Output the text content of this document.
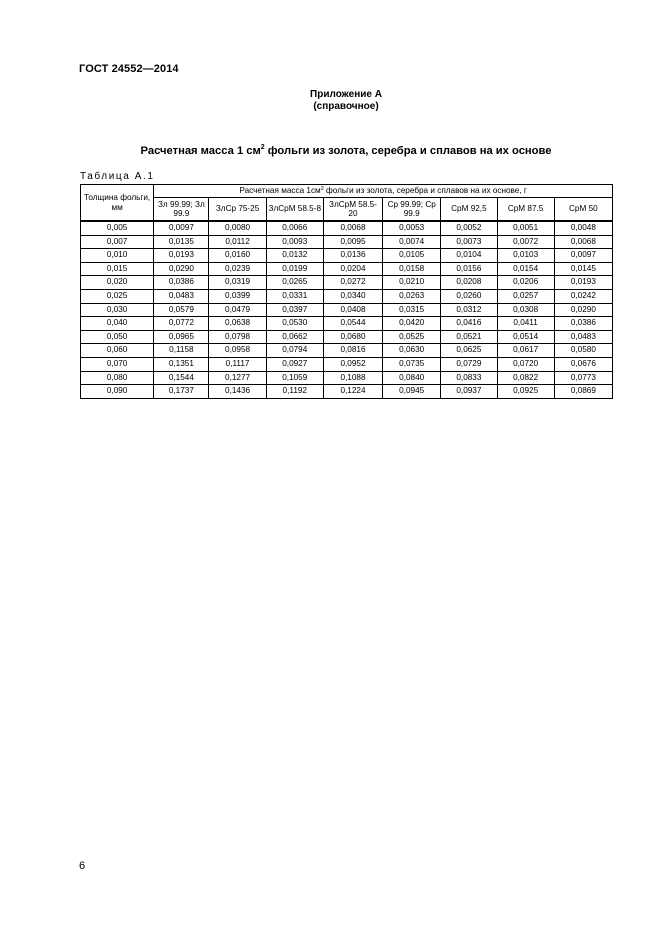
ГОСТ 24552—2014
Приложение А
(справочное)
Расчетная масса 1 $см^2$ фольги из золота, серебра и сплавов на их основе
Таблица А.1
Толщина фольги, мм	Расчетная масса $1см^2$ фольги из золота, серебра и сплавов на их основе, г							
	Зл 99.99; Зл 99.9	ЗлСр 75-25	ЗлСрМ 58.5-8	ЗлСрМ 58.5-20	Ср 99.99; Ср 99.9	СрМ 92,5	СрМ 87.5	СрМ 50
0,005	0,0097	0,0080	0,0066	0,0068	0,0053	0,0052	0,0051	0,0048
0,007	0,0135	0,0112	0,0093	0,0095	0,0074	0,0073	0,0072	0,0068
0,010	0,0193	0,0160	0,0132	0,0136	0,0105	0,0104	0,0103	0,0097
0,015	0,0290	0,0239	0,0199	0,0204	0,0158	0,0156	0,0154	0,0145
0,020	0,0386	0,0319	0,0265	0,0272	0,0210	0,0208	0,0206	0,0193
0,025	0,0483	0,0399	0,0331	0,0340	0,0263	0,0260	0,0257	0,0242
0,030	0,0579	0,0479	0,0397	0,0408	0,0315	0,0312	0,0308	0,0290
0,040	0,0772	0,0638	0,0530	0,0544	0,0420	0,0416	0,0411	0,0386
0,050	0,0965	0,0798	0,0662	0,0680	0,0525	0,0521	0,0514	0,0483
0,060	0,1158	0,0958	0,0794	0,0816	0,0630	0,0625	0,0617	0,0580
0,070	0,1351	0,1117	0,0927	0,0952	0,0735	0,0729	0,0720	0,0676
0,080	0,1544	0,1277	0,1059	0,1088	0,0840	0,0833	0,0822	0,0773
0,090	0,1737	0,1436	0,1192	0,1224	0,0945	0,0937	0,0925	0,0869
6
